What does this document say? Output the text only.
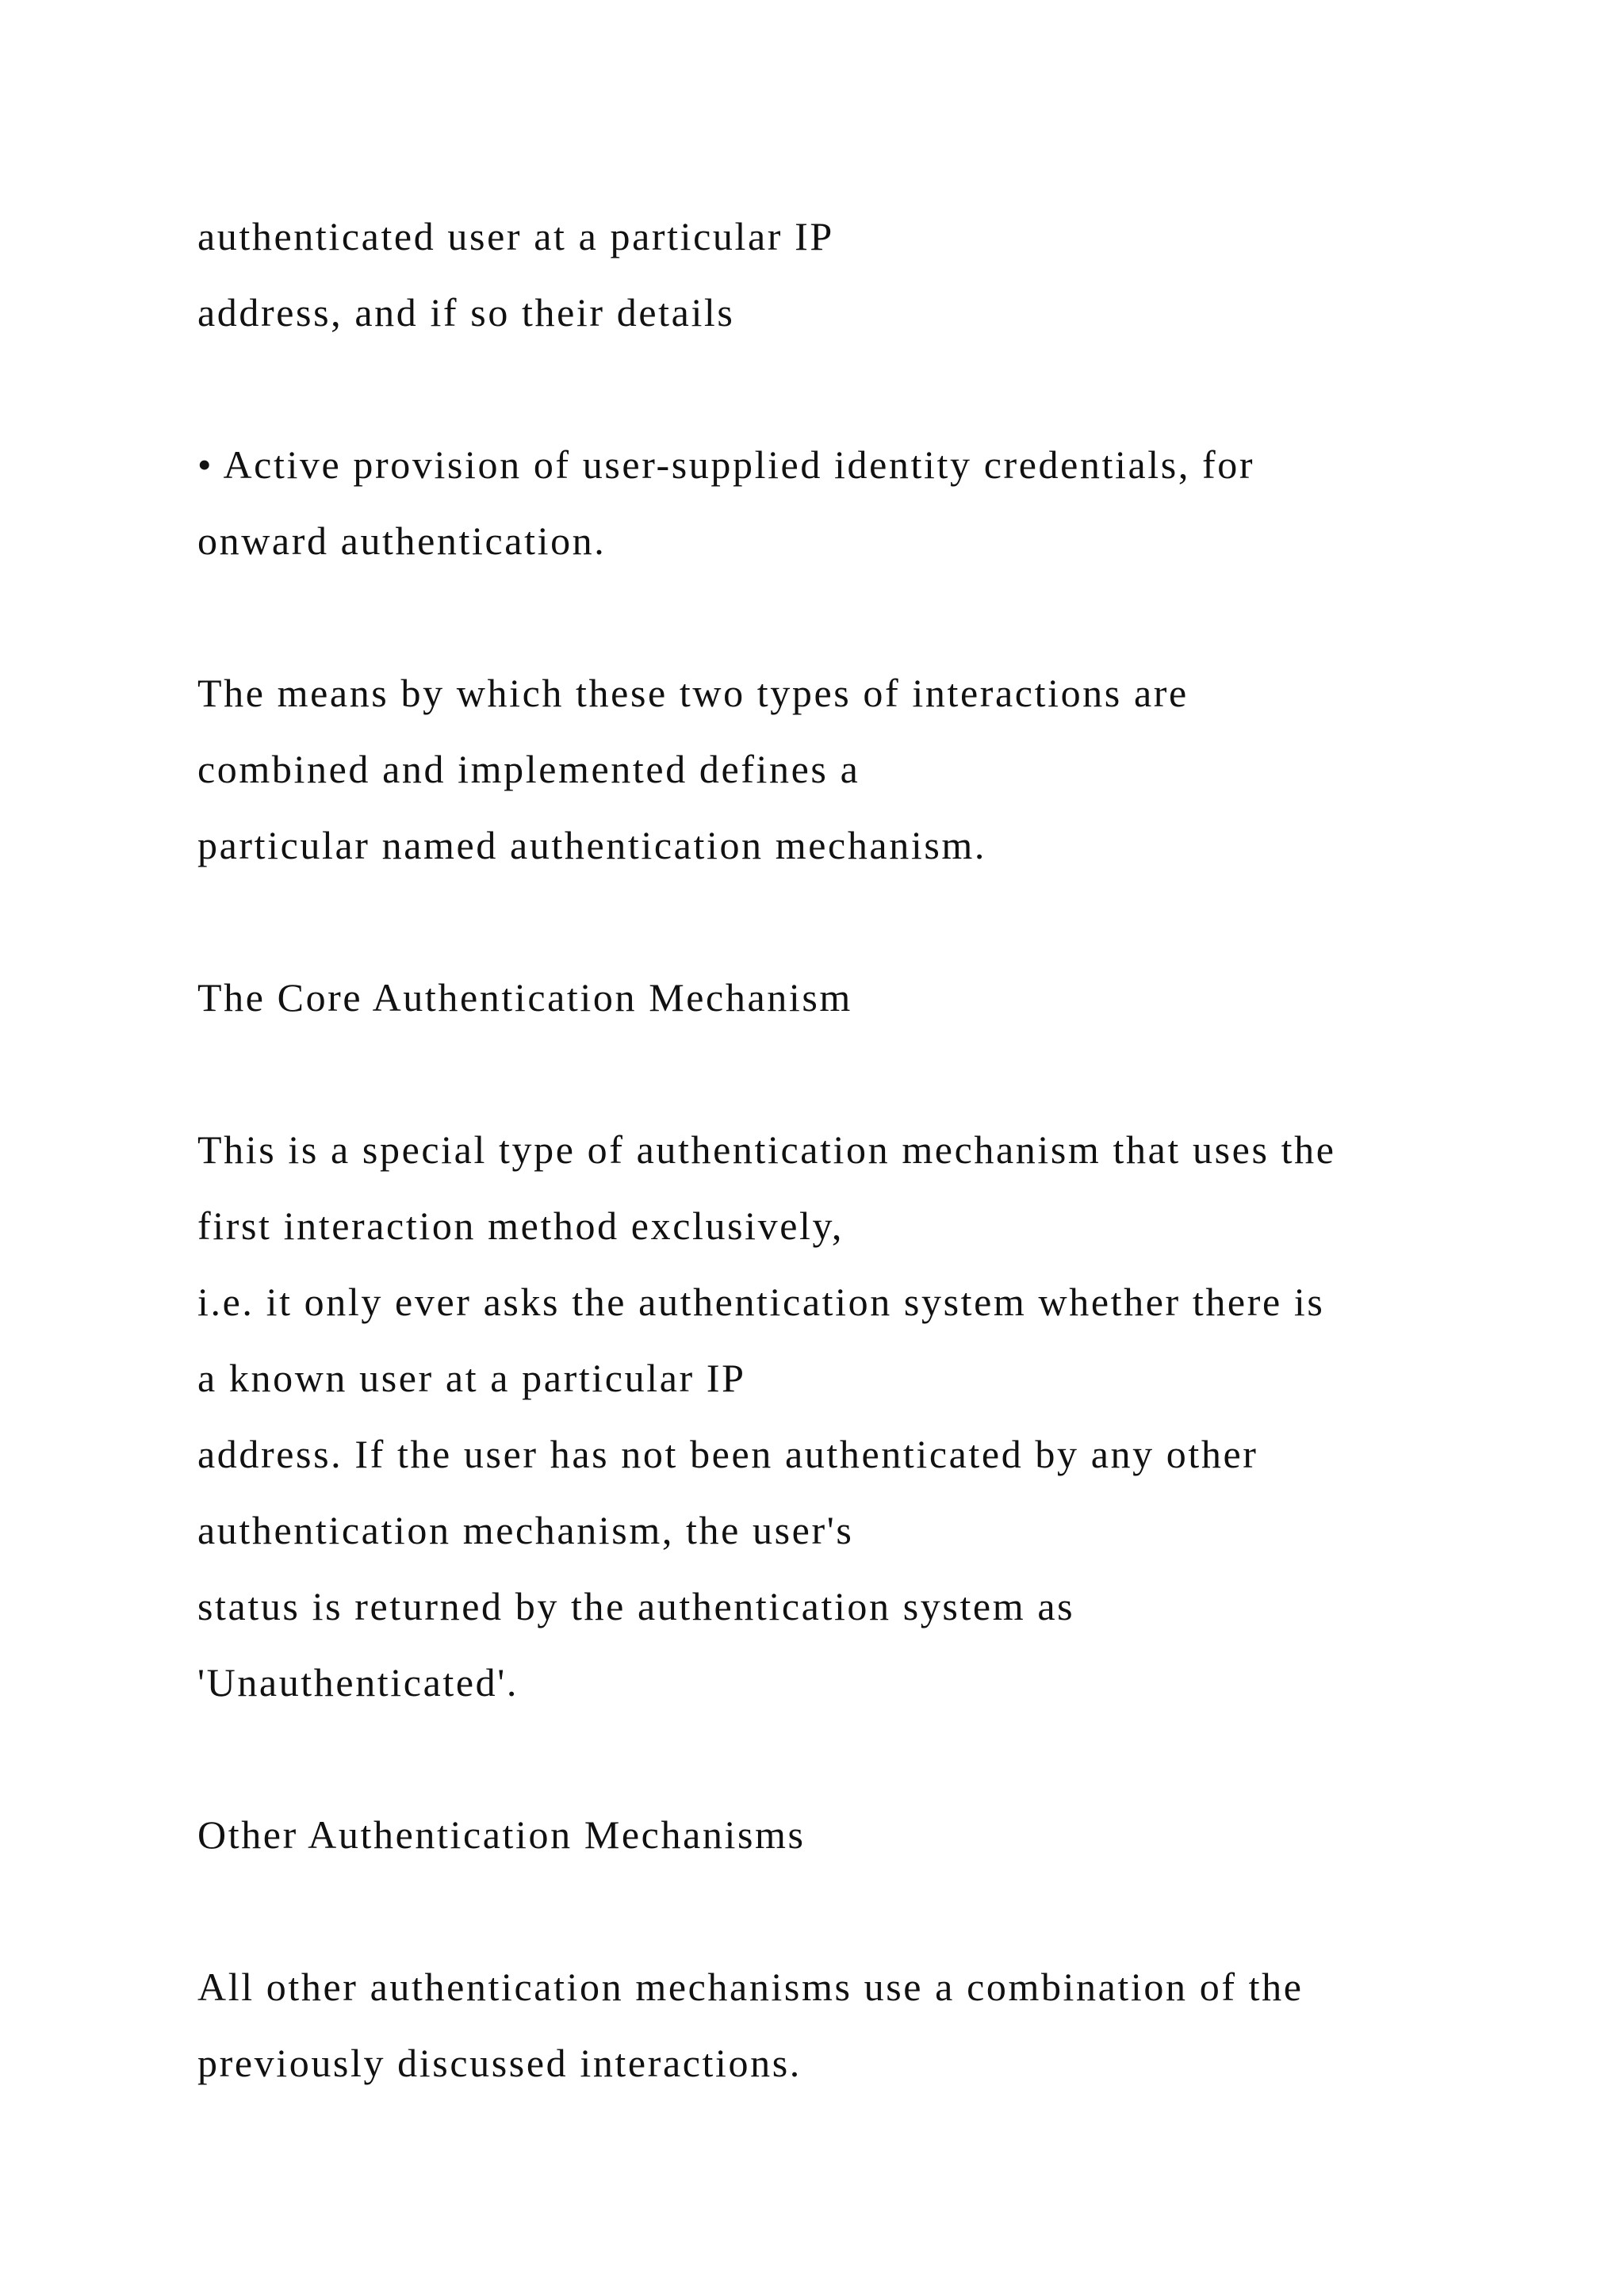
authenticated user at a particular IP
address, and if so their details
• Active provision of user-supplied identity credentials, for
onward authentication.
The means by which these two types of interactions are
combined and implemented defines a
particular named authentication mechanism.
The Core Authentication Mechanism
This is a special type of authentication mechanism that uses the
first interaction method exclusively,
i.e. it only ever asks the authentication system whether there is
a known user at a particular IP
address. If the user has not been authenticated by any other
authentication mechanism, the user's
status is returned by the authentication system as
'Unauthenticated'.
Other Authentication Mechanisms
All other authentication mechanisms use a combination of the
previously discussed interactions.
